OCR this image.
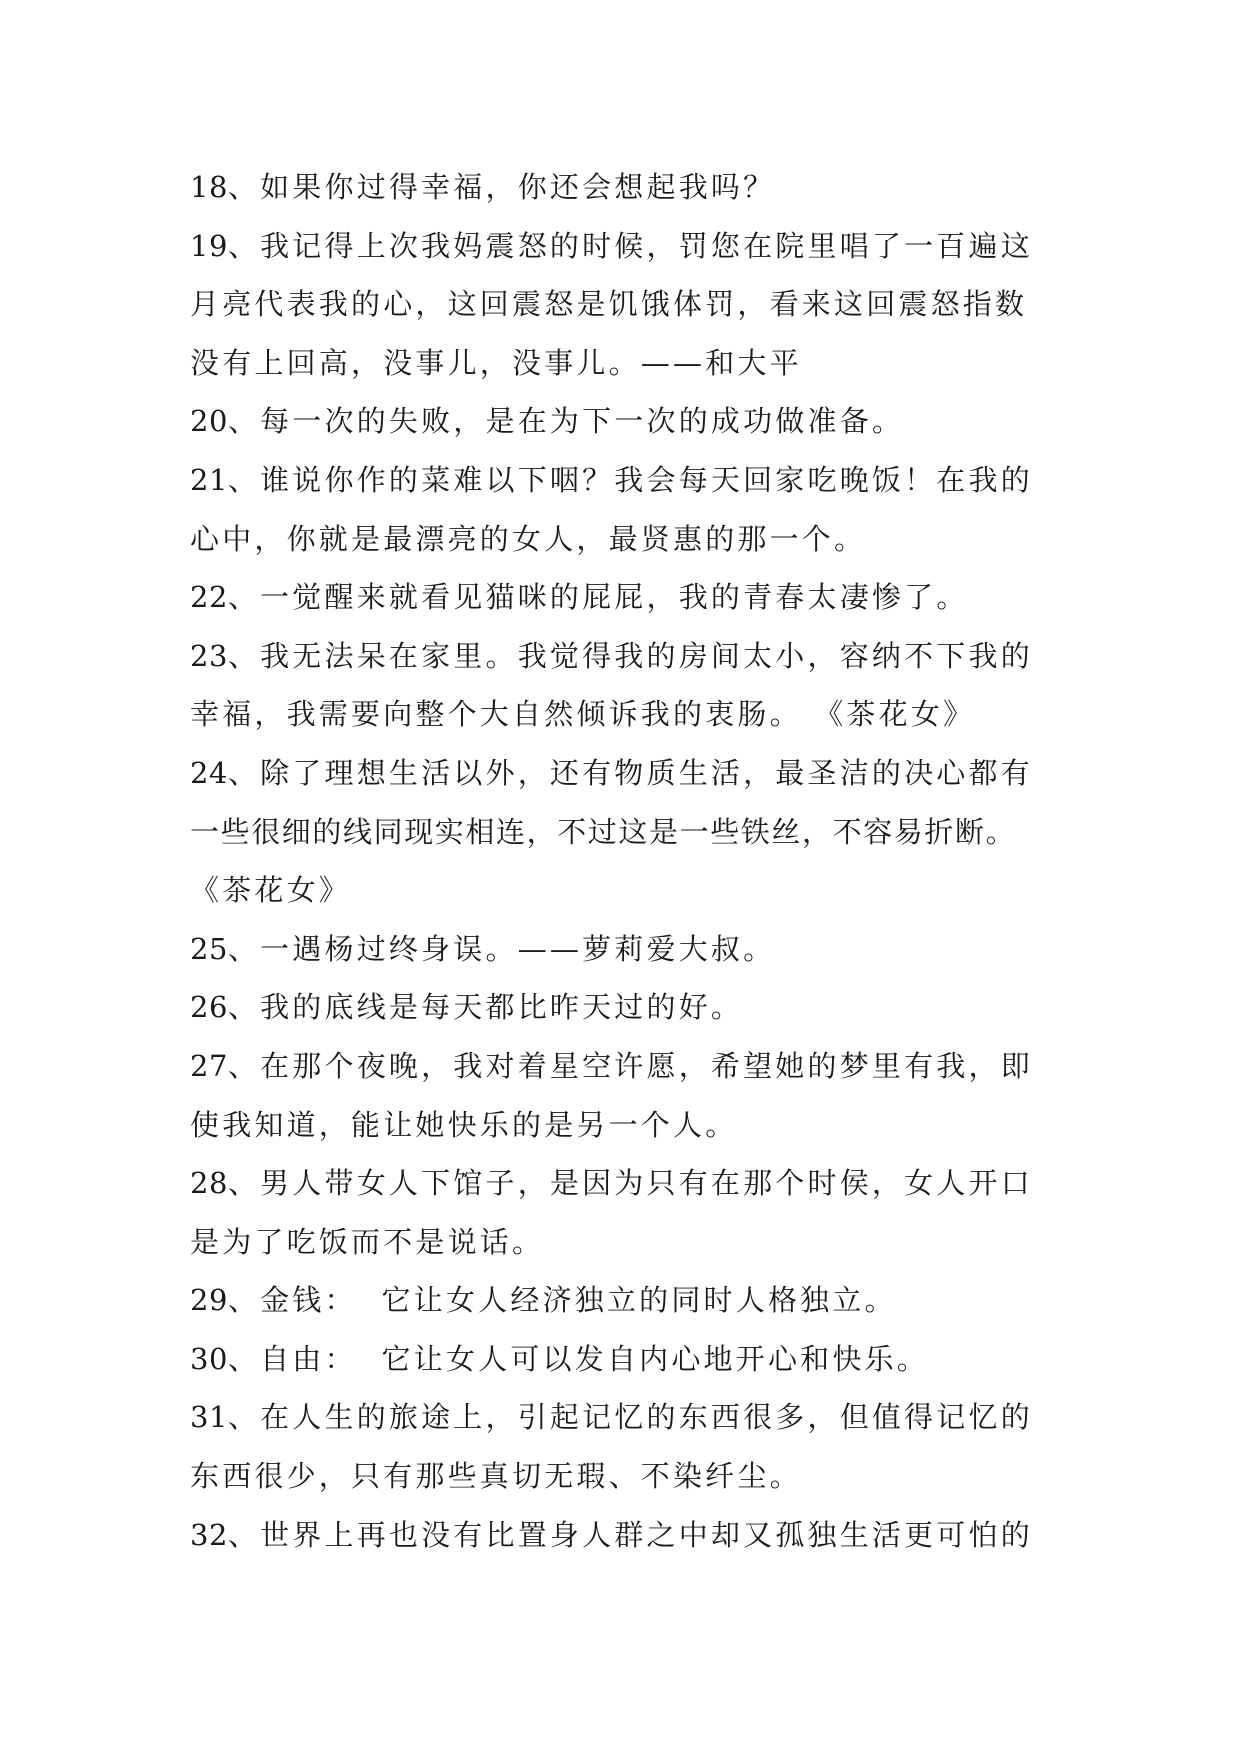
18、如果你过得幸福，你还会想起我吗？
19、我记得上次我妈震怒的时候，罚您在院里唱了一百遍这
月亮代表我的心，这回震怒是饥饿体罚，看来这回震怒指数
没有上回高，没事儿，没事儿。——和大平
20、每一次的失败，是在为下一次的成功做准备。
21、谁说你作的菜难以下咽？我会每天回家吃晚饭！在我的
心中，你就是最漂亮的女人，最贤惠的那一个。
22、一觉醒来就看见猫咪的屁屁，我的青春太凄惨了。
23、我无法呆在家里。我觉得我的房间太小，容纳不下我的
幸福，我需要向整个大自然倾诉我的衷肠。 《茶花女》
24、除了理想生活以外，还有物质生活，最圣洁的决心都有
一些很细的线同现实相连，不过这是一些铁丝，不容易折断。
《茶花女》
25、一遇杨过终身误。——萝莉爱大叔。
26、我的底线是每天都比昨天过的好。
27、在那个夜晚，我对着星空许愿，希望她的梦里有我，即
使我知道，能让她快乐的是另一个人。
28、男人带女人下馆子，是因为只有在那个时侯，女人开口
是为了吃饭而不是说话。
29、金钱：  它让女人经济独立的同时人格独立。
30、自由：  它让女人可以发自内心地开心和快乐。
31、在人生的旅途上，引起记忆的东西很多，但值得记忆的
东西很少，只有那些真切无瑕、不染纤尘。
32、世界上再也没有比置身人群之中却又孤独生活更可怕的
